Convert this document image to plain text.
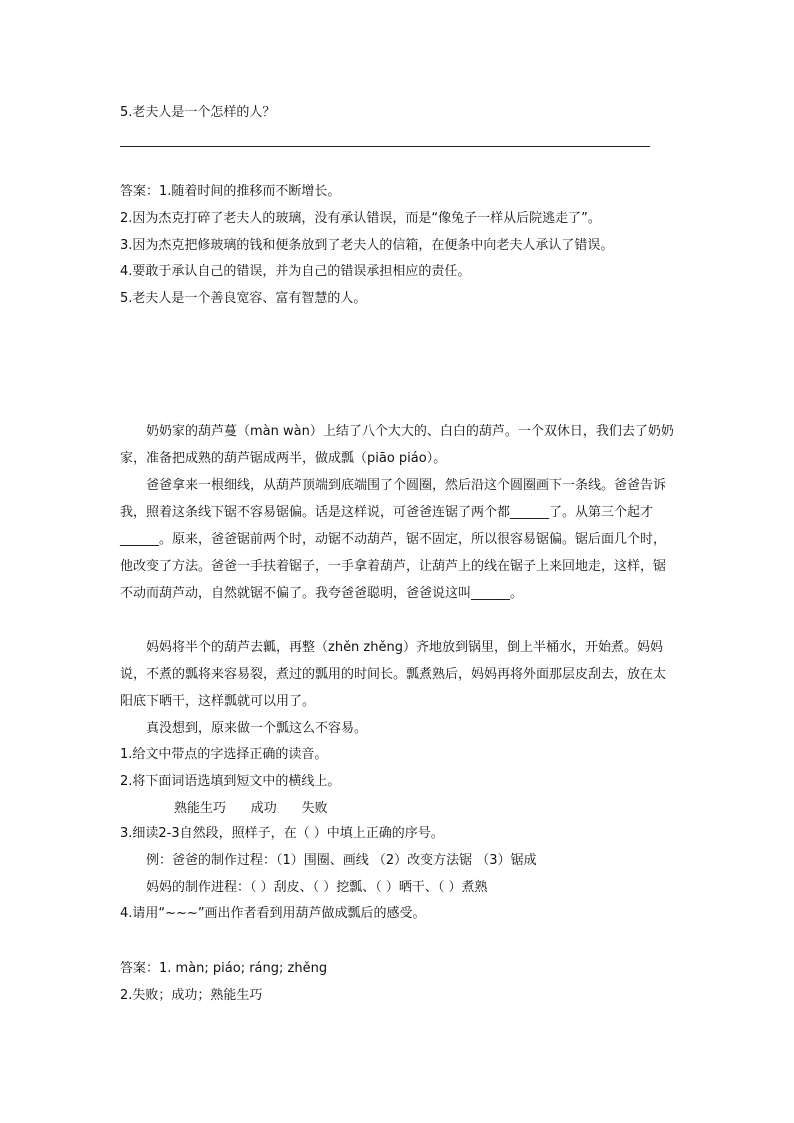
5.老夫人是一个怎样的人？
答案：1.随着时间的推移而不断增长。
2.因为杰克打碎了老夫人的玻璃，没有承认错误，而是“像兔子一样从后院逃走了”。
3.因为杰克把修玻璃的钱和便条放到了老夫人的信箱，在便条中向老夫人承认了错误。
4.要敢于承认自己的错误，并为自己的错误承担相应的责任。
5.老夫人是一个善良宽容、富有智慧的人。
奶奶家的葫芦蔓（màn wàn）上结了八个大大的、白白的葫芦。一个双休日，我们去了奶奶家，准备把成熟的葫芦锯成两半，做成瓢（piāo piáo）。
爸爸拿来一根细线，从葫芦顶端到底端围了个圆圈，然后沿这个圆圈画下一条线。爸爸告诉我，照着这条线下锯不容易锯偏。话是这样说，可爸爸连锯了两个都______了。从第三个起才______。原来，爸爸锯前两个时，动锯不动葫芦，锯不固定，所以很容易锯偏。锯后面几个时，他改变了方法。爸爸一手扶着锯子，一手拿着葫芦，让葫芦上的线在锯子上来回地走，这样，锯不动而葫芦动，自然就锯不偏了。我夸爸爸聪明，爸爸说这叫______。
妈妈将半个的葫芦去瓤，再整（zhěn zhěng）齐地放到锅里，倒上半桶水，开始煮。妈妈说，不煮的瓢将来容易裂，煮过的瓢用的时间长。瓢煮熟后，妈妈再将外面那层皮刮去，放在太阳底下晒干，这样瓢就可以用了。
真没想到，原来做一个瓢这么不容易。
1.给文中带点的字选择正确的读音。
2.将下面词语选填到短文中的横线上。
熟能生巧      成功      失败
3.细读2-3自然段，照样子，在（ ）中填上正确的序号。
例：爸爸的制作过程：（1）围圈、画线 （2）改变方法锯 （3）锯成
妈妈的制作进程：（ ）刮皮、（ ）挖瓢、（ ）晒干、（ ）煮熟
4.请用“~~~”画出作者看到用葫芦做成瓢后的感受。
答案：1. màn; piáo; ráng; zhěng
2.失败；成功；熟能生巧
